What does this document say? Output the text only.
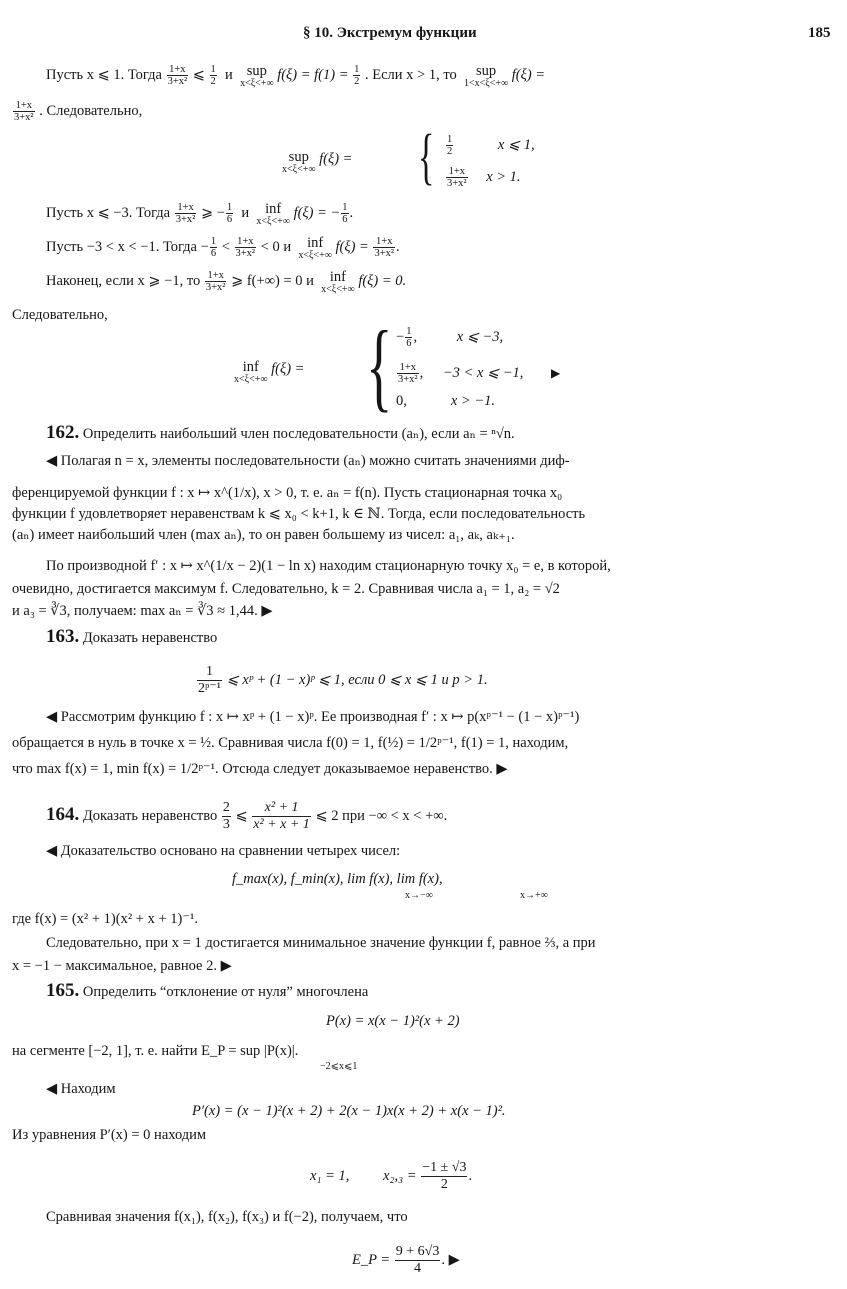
§ 10. Экстремум функции	185
Пусть x ⩽ 1. Тогда $\frac{1+x}{\text{3+x²}}$ ⩽ $\frac{1}{2}$ и sup
x<ξ<+∞
$f(\xi) = f(1) = \frac{1}{2}$ . Если x > 1, то sup
1<x<ξ<+∞
f(ξ) =
$\frac{1+x}{\text{3+x²}}$ . Следовательно,
sup
x<ξ<+∞
f(ξ) = { $\frac{1}{2}$	x ⩽ 1,
$\frac{1+x}{\text{3+x²}}$ x > 1.
Пусть x ⩽ −3. Тогда $\frac{1+x}{\text{3+x²}}$ ⩾ − $\frac{1}{6}$ и inf
x<ξ<+∞
f(ξ) = − $\frac{1}{6}$ .
Пусть −3 < x < −1. Тогда − $\frac{1}{6} < \frac{1+x}{\text{3+x²}} < 0$ и inf
x<ξ<+∞
$f(\xi) = \frac{1+x}{\text{3+x²}}$ .
Наконец, если x ⩾ −1, то $\frac{1+x}{\text{3+x²}}$ ⩾ f(+∞) = 0 и inf
x<ξ<+∞
f(ξ) = 0.
Следовательно,
inf
x<ξ<+∞
f(ξ) = { − $\frac{1}{6}$ , x ⩽ −3,
$\frac{1+x}{\text{3+x²}}$ , −3 < x ⩽ −1, ▶
0,	x > −1.
162. Определить наибольший член последовательности (aₙ), если aₙ = ⁿ√n.
◀ Полагая n = x, элементы последовательности (aₙ) можно считать значениями диф-
ференцируемой функции f : x ↦ x^(1/x), x > 0, т. е. aₙ = f(n). Пусть стационарная точка x₀
функции f удовлетворяет неравенствам k ⩽ x₀ < k+1, k ∈ ℕ. Тогда, если последовательность
(aₙ) имеет наибольший член (max aₙ), то он равен большему из чисел: a₁, aₖ, aₖ₊₁.
По производной f′ : x ↦ x^(1/x − 2)(1 − ln x) находим стационарную точку x₀ = e, в которой,
очевидно, достигается максимум f. Следовательно, k = 2. Сравнивая числа a₁ = 1, a₂ = √2
и a₃ = ∛3, получаем: max aₙ = ∛3 ≈ 1,44. ▶
163. Доказать неравенство
$\frac{1}{\text{2ᵖ⁻¹}}$ ⩽ xᵖ + (1 − x)ᵖ ⩽ 1, если 0 ⩽ x ⩽ 1 и p > 1.
◀ Рассмотрим функцию f : x ↦ xᵖ + (1 − x)ᵖ. Ее производная f′ : x ↦ p(xᵖ⁻¹ − (1 − x)ᵖ⁻¹)
обращается в нуль в точке x = ½. Сравнивая числа f(0) = 1, f(½) = 1/2ᵖ⁻¹, f(1) = 1, находим,
что max f(x) = 1, min f(x) = 1/2ᵖ⁻¹. Отсюда следует доказываемое неравенство. ▶
164. Доказать неравенство $\frac{2}{3}$ ⩽ $\frac{\text{x² + 1}}{\text{x² + x + 1}}$ ⩽ 2 при −∞ < x < +∞.
◀ Доказательство основано на сравнении четырех чисел:
f_max(x), f_min(x), lim f(x), lim f(x),
x→−∞	x→+∞
где f(x) = (x² + 1)(x² + x + 1)⁻¹.
Следовательно, при x = 1 достигается минимальное значение функции f, равное ⅔, а при
x = −1 − максимальное, равное 2. ▶
165. Определить “отклонение от нуля” многочлена
P(x) = x(x − 1)²(x + 2)
на сегменте [−2, 1], т. е. найти E_P = sup |P(x)|.
−2⩽x⩽1
◀ Находим
P′(x) = (x − 1)²(x + 2) + 2(x − 1)x(x + 2) + x(x − 1)².
Из уравнения P′(x) = 0 находим
x₁ = 1, $x_2,_3 = \frac{-1 \pm √3}{2}$ .
Сравнивая значения f(x₁), f(x₂), f(x₃) и f(−2), получаем, что
E_P = $\frac{9 + 6√3}{4}$ . ▶
